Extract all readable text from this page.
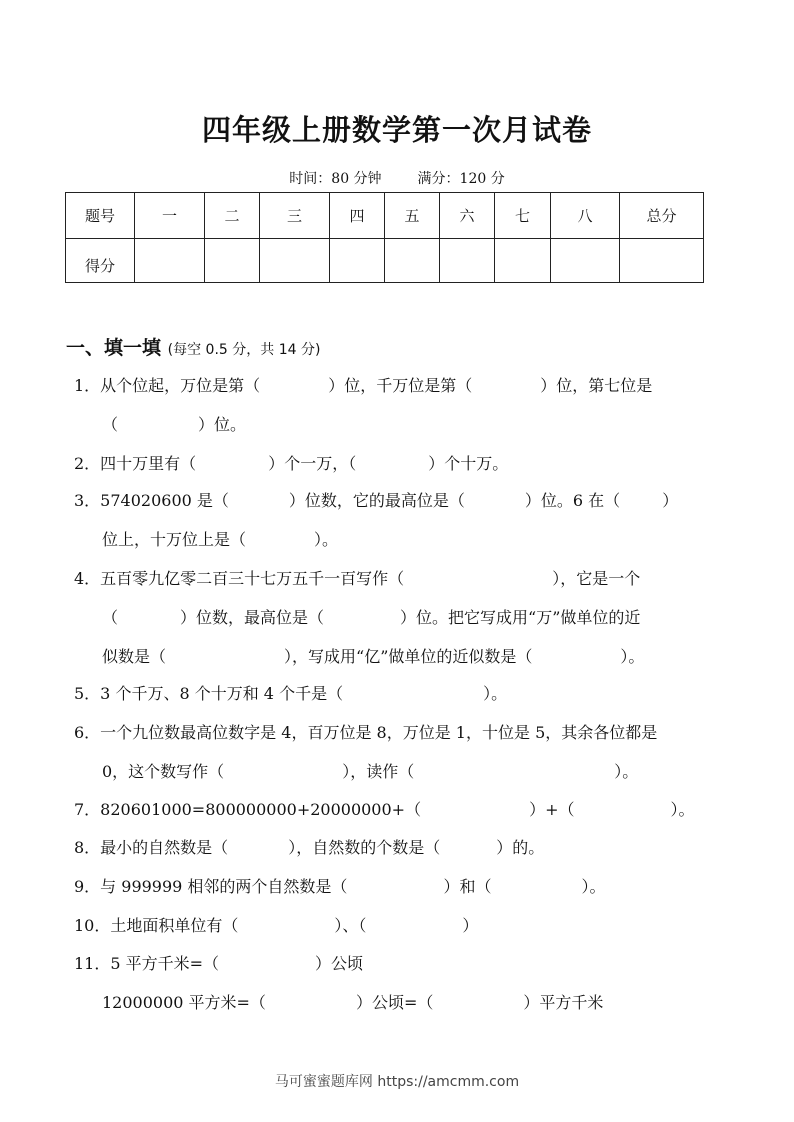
四年级上册数学第一次月试卷
时间：80 分钟	满分：120 分
题号	一	二	三	四	五	六	七	八	总分
得分									
一、填一填 (每空 0.5 分，共 14 分)
1．从个位起，万位是第（	）位，千万位是第（	）位，第七位是
（	）位。
2．四十万里有（	）个一万，（	）个十万。
3．574020600 是（	）位数，它的最高位是（	）位。6 在（	）
位上，十万位上是（	）。
4．五百零九亿零二百三十七万五千一百写作（	），它是一个
（	）位数，最高位是（	）位。把它写成用“万”做单位的近
似数是（	），写成用“亿”做单位的近似数是（	）。
5．3 个千万、8 个十万和 4 个千是（	）。
6．一个九位数最高位数字是 4，百万位是 8，万位是 1，十位是 5，其余各位都是
0，这个数写作（	），读作（	）。
7．820601000=800000000+20000000+（	）+（	）。
8．最小的自然数是（	），自然数的个数是（	）的。
9．与 999999 相邻的两个自然数是（	）和（	）。
10．土地面积单位有（	）、（	）
11．5 平方千米=（	）公顷
12000000 平方米=（	）公顷=（	）平方千米
马可蜜蜜题库网 https://amcmm.com
